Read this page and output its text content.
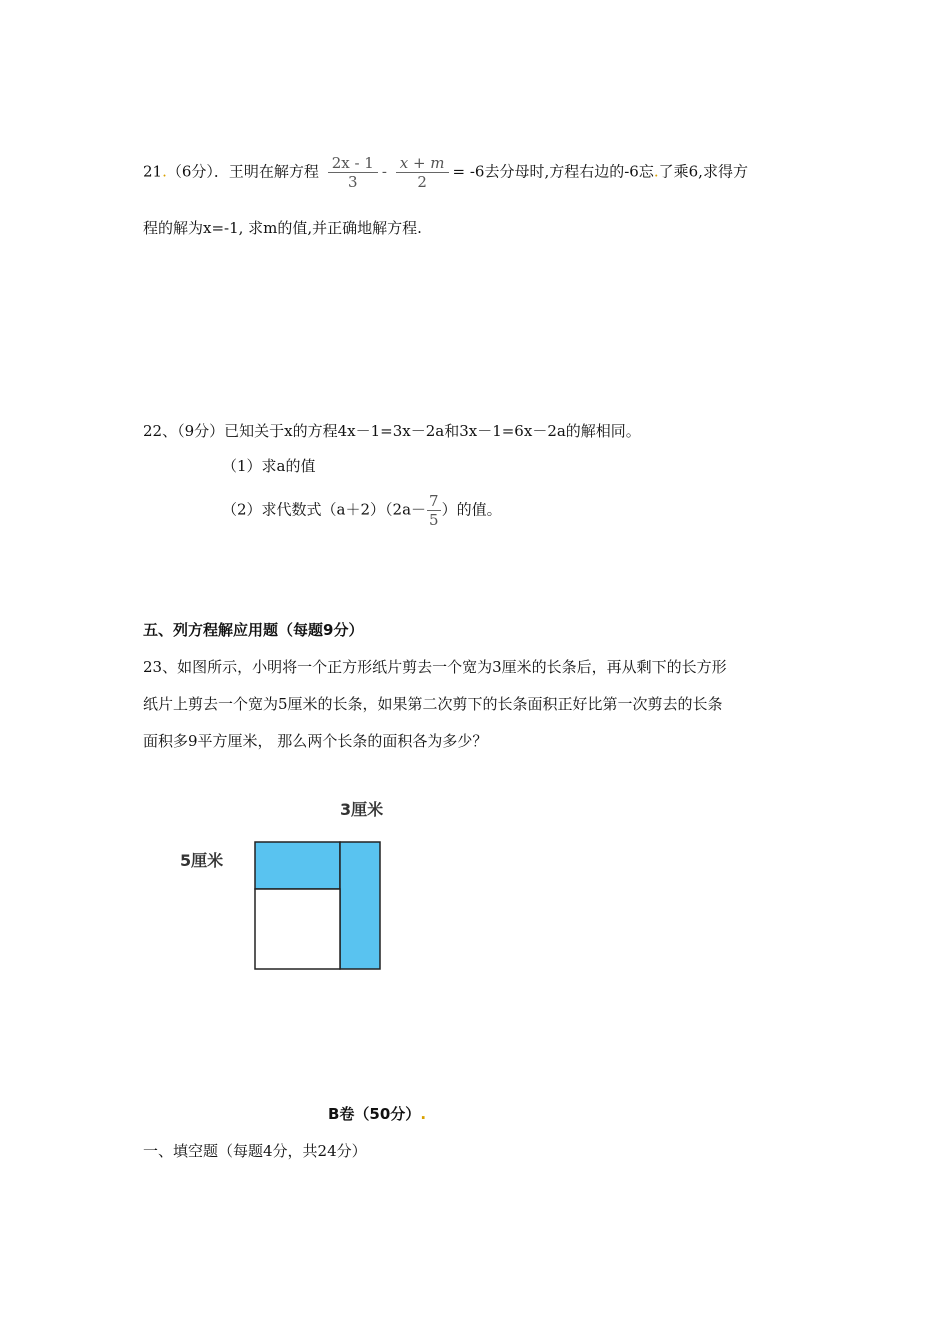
21.（6分）．王明在解方程 $\frac{2x - 1}{3} - \frac{x + m}{2} = -6$去分母时,方程右边的-6忘.了乘6,求得方
程的解为x=-1, 求m的值,并正确地解方程.
22、（9分）已知关于x的方程4x－1=3x－2a和3x－1=6x－2a的解相同。
（1）求a的值
（2）求代数式$(a+2)(2a- \frac{7}{5}$ ）的值。
五、列方程解应用题（每题9分）
23、如图所示，小明将一个正方形纸片剪去一个宽为3厘米的长条后，再从剩下的长方形
纸片上剪去一个宽为5厘米的长条，如果第二次剪下的长条面积正好比第一次剪去的长条
面积多9平方厘米， 那么两个长条的面积各为多少？
3厘米
5厘米
B卷（50分）.
一、填空题（每题4分，共24分）
